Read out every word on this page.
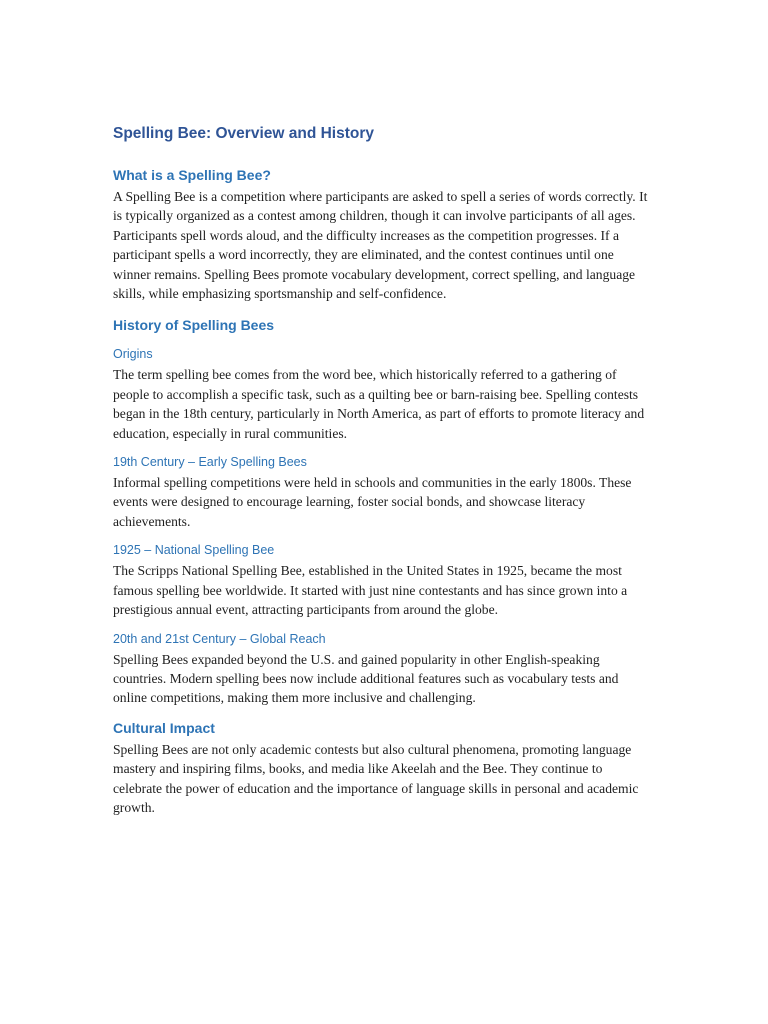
Spelling Bee: Overview and History
What is a Spelling Bee?

A Spelling Bee is a competition where participants are asked to spell a series of words correctly. It is typically organized as a contest among children, though it can involve participants of all ages. Participants spell words aloud, and the difficulty increases as the competition progresses. If a participant spells a word incorrectly, they are eliminated, and the contest continues until one winner remains. Spelling Bees promote vocabulary development, correct spelling, and language skills, while emphasizing sportsmanship and self-confidence.

History of Spelling Bees
Origins

The term spelling bee comes from the word bee, which historically referred to a gathering of people to accomplish a specific task, such as a quilting bee or barn-raising bee. Spelling contests began in the 18th century, particularly in North America, as part of efforts to promote literacy and education, especially in rural communities.

19th Century – Early Spelling Bees

Informal spelling competitions were held in schools and communities in the early 1800s. These events were designed to encourage learning, foster social bonds, and showcase literacy achievements.

1925 – National Spelling Bee

The Scripps National Spelling Bee, established in the United States in 1925, became the most famous spelling bee worldwide. It started with just nine contestants and has since grown into a prestigious annual event, attracting participants from around the globe.

20th and 21st Century – Global Reach

Spelling Bees expanded beyond the U.S. and gained popularity in other English-speaking countries. Modern spelling bees now include additional features such as vocabulary tests and online competitions, making them more inclusive and challenging.

Cultural Impact

Spelling Bees are not only academic contests but also cultural phenomena, promoting language mastery and inspiring films, books, and media like Akeelah and the Bee. They continue to celebrate the power of education and the importance of language skills in personal and academic growth.
